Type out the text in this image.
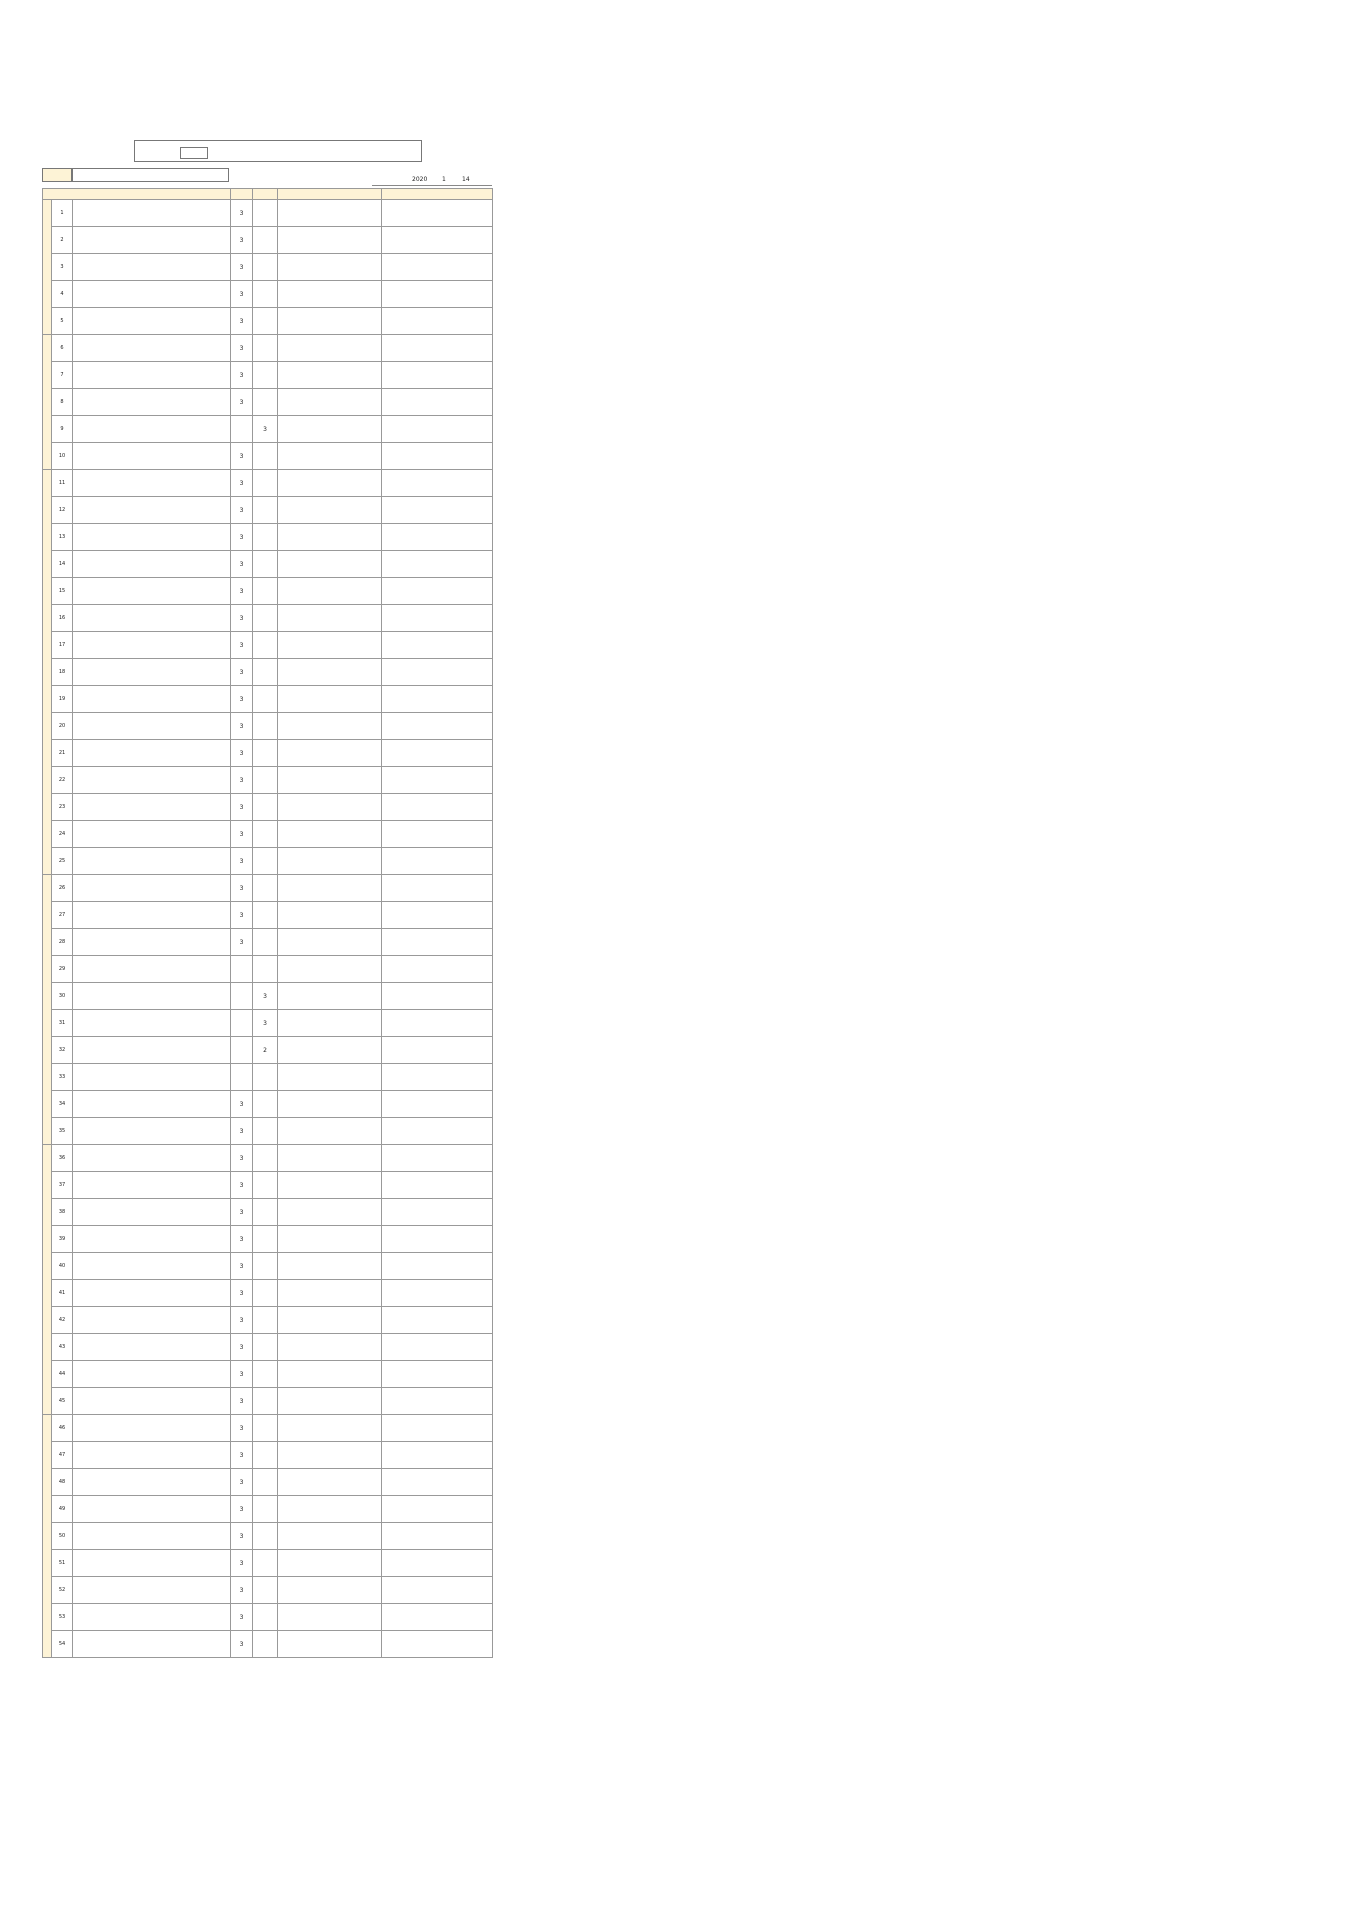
2020 1	14

	1		3			
	2		3			
	3		3			
	4		3			
	5		3			
	6		3			
	7		3			
	8		3			
	9			3		
	10		3			
	11		3			
	12		3			
	13		3			
	14		3			
	15		3			
	16		3			
	17		3			
	18		3			
	19		3			
	20		3			
	21		3			
	22		3			
	23		3			
	24		3			
	25		3			
	26		3			
	27		3			
	28		3			
	29					
	30			3		
	31			3		
	32			2		
	33					
	34		3			
	35		3			
	36		3			
	37		3			
	38		3			
	39		3			
	40		3			
	41		3			
	42		3			
	43		3			
	44		3			
	45		3			
	46		3			
	47		3			
	48		3			
	49		3			
	50		3			
	51		3			
	52		3			
	53		3			
	54		3			
